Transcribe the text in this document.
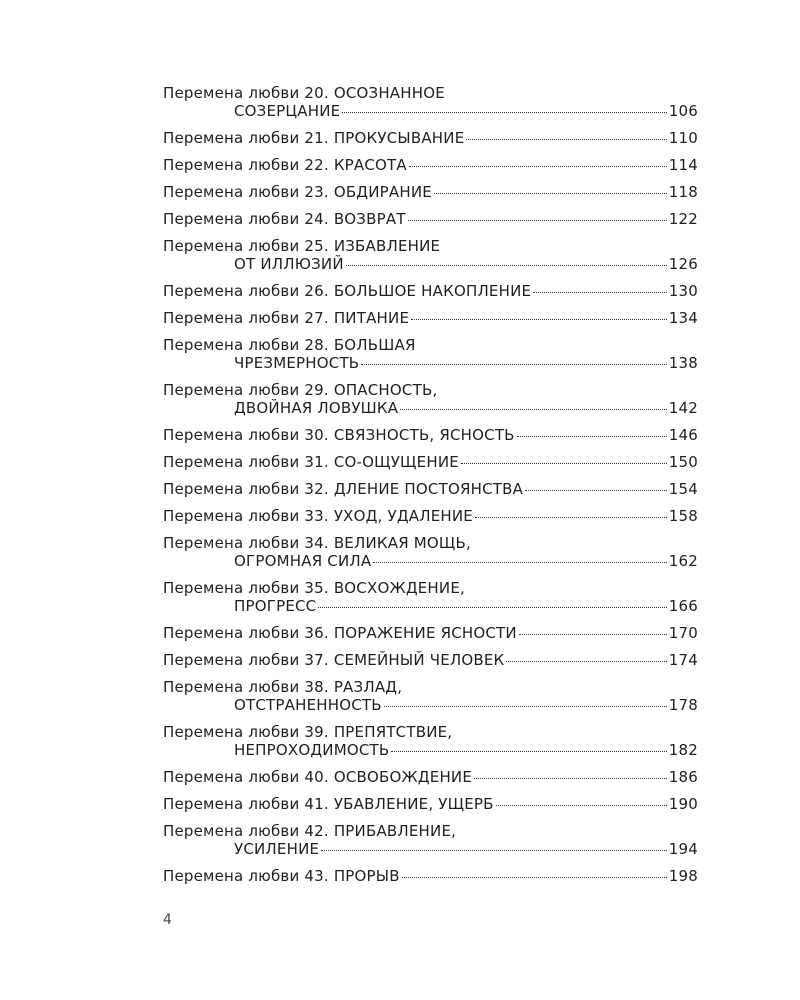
Перемена любви 20. ОСОЗНАННОЕ
СОЗЕРЦАНИЕ	106
Перемена любви 21. ПРОКУСЫВАНИЕ	110
Перемена любви 22. КРАСОТА	114
Перемена любви 23. ОБДИРАНИЕ	118
Перемена любви 24. ВОЗВРАТ	122
Перемена любви 25. ИЗБАВЛЕНИЕ
ОТ ИЛЛЮЗИЙ	126
Перемена любви 26. БОЛЬШОЕ НАКОПЛЕНИЕ	130
Перемена любви 27. ПИТАНИЕ	134
Перемена любви 28. БОЛЬШАЯ
ЧРЕЗМЕРНОСТЬ	138
Перемена любви 29. ОПАСНОСТЬ,
ДВОЙНАЯ ЛОВУШКА	142
Перемена любви 30. СВЯЗНОСТЬ, ЯСНОСТЬ	146
Перемена любви 31. СО-ОЩУЩЕНИЕ	150
Перемена любви 32. ДЛЕНИЕ ПОСТОЯНСТВА	154
Перемена любви 33. УХОД, УДАЛЕНИЕ	158
Перемена любви 34. ВЕЛИКАЯ МОЩЬ,
ОГРОМНАЯ СИЛА	162
Перемена любви 35. ВОСХОЖДЕНИЕ,
ПРОГРЕСС	166
Перемена любви 36. ПОРАЖЕНИЕ ЯСНОСТИ	170
Перемена любви 37. СЕМЕЙНЫЙ ЧЕЛОВЕК	174
Перемена любви 38. РАЗЛАД,
ОТСТРАНЕННОСТЬ	178
Перемена любви 39. ПРЕПЯТСТВИЕ,
НЕПРОХОДИМОСТЬ	182
Перемена любви 40. ОСВОБОЖДЕНИЕ	186
Перемена любви 41. УБАВЛЕНИЕ, УЩЕРБ	190
Перемена любви 42. ПРИБАВЛЕНИЕ,
УСИЛЕНИЕ	194
Перемена любви 43. ПРОРЫВ	198
4
